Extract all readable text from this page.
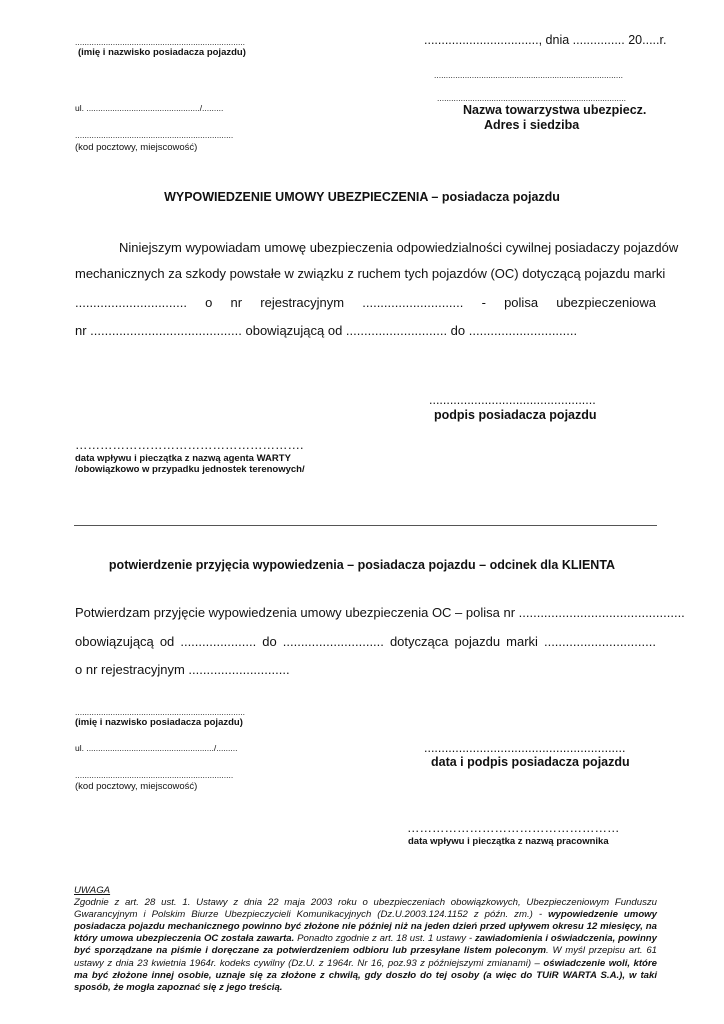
........................................................................
(imię i nazwisko posiadacza pojazdu)
................................., dnia ............... 20.....r.
................................................................................
................................................................................
Nazwa towarzystwa ubezpiecz.
Adres i siedziba
ul. ................................................/.........
...................................................................
(kod pocztowy, miejscowość)
WYPOWIEDZENIE UMOWY UBEZPIECZENIA – posiadacza pojazdu
Niniejszym wypowiadam umowę ubezpieczenia odpowiedzialności cywilnej posiadaczy pojazdów
mechanicznych za szkody powstałe w związku z ruchem tych pojazdów (OC) dotyczącą pojazdu marki
............................... o nr rejestracyjnym ............................ - polisa ubezpieczeniowa
nr .......................................... obowiązującą od ............................ do ..............................
................................................
podpis posiadacza pojazdu
……………………………………………….
data wpływu i pieczątka z nazwą agenta WARTY
/obowiązkowo w przypadku jednostek terenowych/
potwierdzenie przyjęcia wypowiedzenia – posiadacza pojazdu – odcinek dla KLIENTA
Potwierdzam przyjęcie wypowiedzenia umowy ubezpieczenia OC – polisa nr ..............................................
obowiązującą od ..................... do ............................ dotycząca pojazdu marki ...............................
o nr rejestracyjnym ............................
........................................................................
(imię i nazwisko posiadacza pojazdu)
ul. ....................................................../.........
...................................................................
(kod pocztowy, miejscowość)
..........................................................
data i podpis posiadacza pojazdu
……………………………………………
data wpływu i pieczątka z nazwą pracownika
UWAGA
Zgodnie z art. 28 ust. 1. Ustawy z dnia 22 maja 2003 roku o ubezpieczeniach obowiązkowych, Ubezpieczeniowym Funduszu Gwarancyjnym i Polskim Biurze Ubezpieczycieli Komunikacyjnych (Dz.U.2003.124.1152 z późn. zm.) - wypowiedzenie umowy posiadacza pojazdu mechanicznego powinno być złożone nie później niż na jeden dzień przed upływem okresu 12 miesięcy, na który umowa ubezpieczenia OC została zawarta. Ponadto zgodnie z art. 18 ust. 1 ustawy - zawiadomienia i oświadczenia, powinny być sporządzane na piśmie i doręczane za potwierdzeniem odbioru lub przesyłane listem poleconym. W myśl przepisu art. 61 ustawy z dnia 23 kwietnia 1964r. kodeks cywilny (Dz.U. z 1964r. Nr 16, poz.93 z późniejszymi zmianami) – oświadczenie woli, które ma być złożone innej osobie, uznaje się za złożone z chwilą, gdy doszło do tej osoby (a więc do TUiR WARTA S.A.), w taki sposób, że mogła zapoznać się z jego treścią.
